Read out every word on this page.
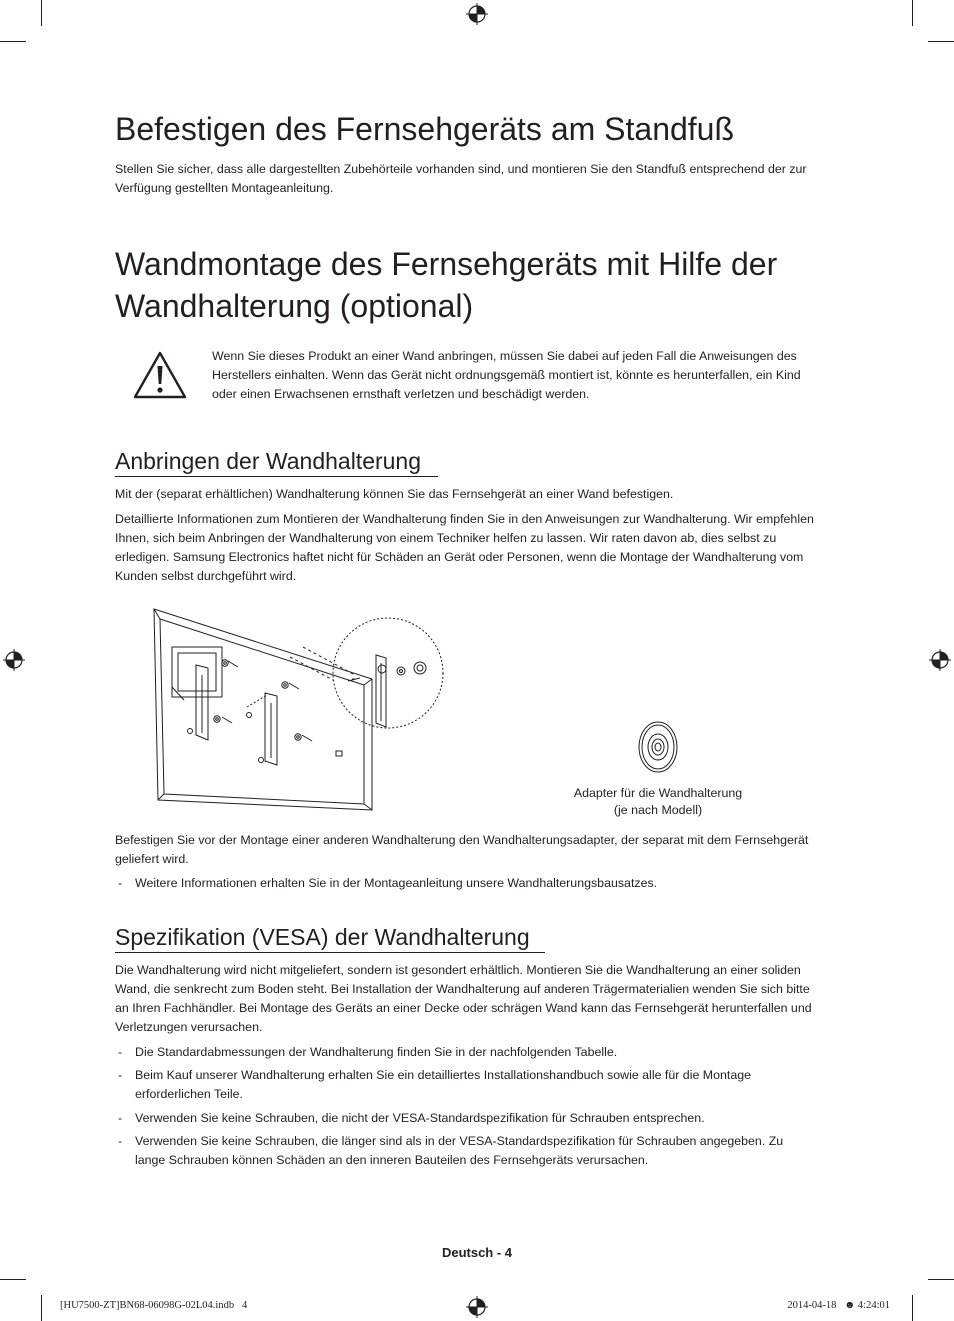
Befestigen des Fernsehgeräts am Standfuß

Stellen Sie sicher, dass alle dargestellten Zubehörteile vorhanden sind, und montieren Sie den Standfuß entsprechend der zur

Verfügung gestellten Montageanleitung.

Wandmontage des Fernsehgeräts mit Hilfe der
Wandhalterung (optional)

Wenn Sie dieses Produkt an einer Wand anbringen, müssen Sie dabei auf jeden Fall die Anweisungen des

Herstellers einhalten. Wenn das Gerät nicht ordnungsgemäß montiert ist, könnte es herunterfallen, ein Kind

oder einen Erwachsenen ernsthaft verletzen und beschädigt werden.

Anbringen der Wandhalterung

Mit der (separat erhältlichen) Wandhalterung können Sie das Fernsehgerät an einer Wand befestigen.

Detaillierte Informationen zum Montieren der Wandhalterung finden Sie in den Anweisungen zur Wandhalterung. Wir empfehlen

Ihnen, sich beim Anbringen der Wandhalterung von einem Techniker helfen zu lassen. Wir raten davon ab, dies selbst zu

erledigen. Samsung Electronics haftet nicht für Schäden an Gerät oder Personen, wenn die Montage der Wandhalterung vom

Kunden selbst durchgeführt wird.

Adapter für die Wandhalterung
(je nach Modell)

Befestigen Sie vor der Montage einer anderen Wandhalterung den Wandhalterungsadapter, der separat mit dem Fernsehgerät

geliefert wird.

- Weitere Informationen erhalten Sie in der Montageanleitung unsere Wandhalterungsbausatzes.
Spezifikation (VESA) der Wandhalterung

Die Wandhalterung wird nicht mitgeliefert, sondern ist gesondert erhältlich. Montieren Sie die Wandhalterung an einer soliden

Wand, die senkrecht zum Boden steht. Bei Installation der Wandhalterung auf anderen Trägermaterialien wenden Sie sich bitte

an Ihren Fachhändler. Bei Montage des Geräts an einer Decke oder schrägen Wand kann das Fernsehgerät herunterfallen und

Verletzungen verursachen.

- Die Standardabmessungen der Wandhalterung finden Sie in der nachfolgenden Tabelle.
- Beim Kauf unserer Wandhalterung erhalten Sie ein detailliertes Installationshandbuch sowie alle für die Montage
erforderlichen Teile.
- Verwenden Sie keine Schrauben, die nicht der VESA-Standardspezifikation für Schrauben entsprechen.
- Verwenden Sie keine Schrauben, die länger sind als in der VESA-Standardspezifikation für Schrauben angegeben. Zu
lange Schrauben können Schäden an den inneren Bauteilen des Fernsehgeräts verursachen.
Deutsch - 4
[HU7500-ZT]BN68-06098G-02L04.indb   4	2014-04-18   ☻ 4:24:01
